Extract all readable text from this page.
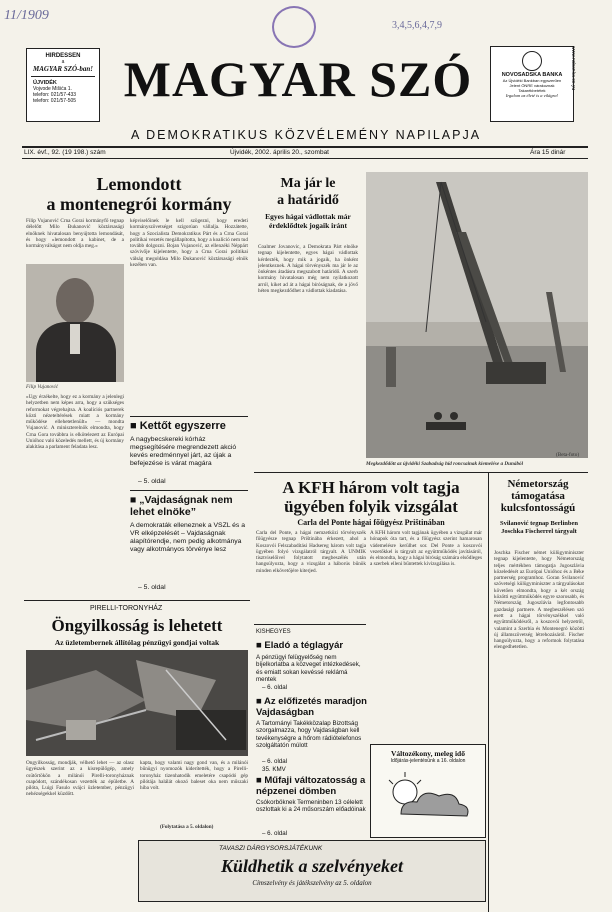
11/1909
3,4,5,6,4,7,9
HIRDESSEN
a
MAGYAR SZÓ-ban!
ÚJVIDÉK
Vojvode Mišića 1.
telefon: 021/57-433
telefon: 021/57-505 MAGYAR SZÓ
A DEMOKRATIKUS KÖZVÉLEMÉNY NAPILAPJA
LIX. évf., 92. (19 198.) szám	Újvidék, 2002. április 20., szombat	Ára 15 dinár
NOVOSADSKA BANKA
Az Újvidéki Bankban egyszerűen
Jelent ÖNRE várakoznak
Takarékbetétek
Irgalom az életé is a világra!
www.nsbanka.co.yu
Lemondott
a montenegrói kormány
Filip Vujanović Crna Gorai kormányfő tegnap délelőtt Milo Đukanović köztársasági elnöknek hivatalosan benyújtotta lemondását, és hogy »lemondott a kabinet, de a kormányválságot nem oldja meg.«
Filip Vujanović
»Úgy érzékelte, hogy ez a kormány a jelenlegi helyzetben nem képes arra, hogy a szükséges reformokat végrehajtsa. A koalíciós partnerek közti nézeteltérések miatt a kormány működése ellehetetlenült« — mondta Vujanović. A miniszterelnök elmondta, hogy Crna Gora továbbra is elkötelezett az Európai Unióhoz való közeledés mellett, és új kormány alakítása a parlament feladata lesz.
képviselőinek le kell szögezni, hogy eredeti kormányszövetséget szigorúan vállalja. Hozzátette, hogy a Szocialista Demokratikus Párt és a Crna Gorai politikai vezetés megállapította, hogy a koalíció nem tud tovább dolgozni. Bojan Vujanović, az ellenzéki Néppárt szóvivője kijelentette, hogy a Crna Gorai politikai válság megoldása Milo Đukanović köztársasági elnök kezében van.
■ Kettőt egyszerre
A nagybecskereki kórház megsegítésére megrendezett akció kevés eredménnyel járt, az újak a befejezése is várat magára
– 5. oldal
■ „Vajdaságnak nem lehet elnöke”
A demokraták elleneznek a VSZL és a VR elképzelését – Vajdaságnak alapítórendje, nem pedig alkotmánya vagy alkotmányos törvénye lesz
– 5. oldal
Ma jár le
a határidő
Egyes hágai vádlottak már érdeklődtek jogaik iránt
Coalmer Jovanovic, a Demokrata Párt elnöke tegnap kijelentette, egyes hágai vádlottak kérdezték, hogy mik a jogaik, ha önként jelentkeznek. A hágai törvényszék ma jár le az önkéntes átadásra megszabott határidő. A szerb kormány hivatalosan még nem nyilatkozott arról, kiket ad át a hágai bíróságnak, de a jövő héten megkezdődhet a vádlottak kiadatása.
Megkezdődött az újvidéki Szabadság híd roncsainak kiemelése a Dunából
(Beta-foto)
A KFH három volt tagja ügyében folyik vizsgálat
Carla del Ponte hágai főügyész Prištinában
Carla del Ponte, a hágai nemzetközi törvényszék főügyésze tegnap Prištinába érkezett, ahol a Koszovói Felszabadítási Hadsereg három volt tagja ügyében folyó vizsgálatról tárgyalt. A UNMIK tisztviselőivel folytatott megbeszélés után hangsúlyozta, hogy a vizsgálat a háborús bűnök minden elkövetőjére kiterjed.
A KFH három volt tagjának ügyében a vizsgálat már hónapok óta tart, és a főügyész szerint hamarosan vádemelésre kerülhet sor. Del Ponte a koszovói vezetőkkel is tárgyalt az együttműködés javításáról, és elmondta, hogy a hágai bíróság számára elsődleges a szerbek elleni bűntettek kivizsgálása is.
Németország támogatása kulcsfontosságú
Svilanović tegnap Berlinben Joschka Fischerrel tárgyalt
Joschka Fischer német külügyminiszter tegnap kijelentette, hogy Németország teljes mértékben támogatja Jugoszlávia közeledését az Európai Unióhoz és a Béke partnerség programhoz. Goran Svilanović szövetségi külügyminiszter a tárgyalásokat követően elmondta, hogy a két ország közötti együttműködés egyre szorosabb, és Németország Jugoszlávia legfontosabb gazdasági partnere. A megbeszélésen szó esett a hágai törvényszékkel való együttműködésről, a koszovói helyzetről, valamint a Szerbia és Montenegró közötti új államszövetség létrehozásáról. Fischer hangsúlyozta, hogy a reformok folytatása elengedhetetlen.
KISHEGYES
■ Eladó a téglagyár
A pénzügyi felügyelőség nem bíjelkorlatba a közveget intézkedések, és emiatt sokan kevéssé reklámá mentek
– 6. oldal
■ Az előfizetés maradjon Vajdaságban
A Tartományi Takékközalap Bizottság szorgalmazza, hogy Vajdaságban kell tevékenységre a hőrom rádiótelefonos szolgáltatón múlott
– 6. oldal
35. KMV
■ Műfaji változatosság a népzenei dömben
Csókorböknek Termeninben 13 célelett oszlottak ki a 24 műsorszám előadóinak
– 6. oldal
Változékony, meleg idő
Időjárás-jelentésünk a 16. oldalon
PIRELLI-TORONYHÁZ
Öngyilkosság is lehetett
Az üzletembernek állítólag pénzügyi gondjai voltak
Öngyilkosság, mondják, vélhető lehet — az olasz ügyészek szerint az a kisrepülőgép, amely csütörtökön a milánói Pirelli-toronyháznak csapódott, szándékosan vezették az épületbe. A pilóta, Luigi Fasulo svájci üzletember, pénzügyi nehézségekkel küzdött.
kapta, hogy valami nagy gond van, és a milánói bűnügyi nyomozók kiderítették, hogy a Pirelli-toronyház tizenhatodik emeletére csapódó gép pilótája halálát okozó baleset oka nem műszaki hiba volt.
(Folytatása a 5. oldalon)
TAVASZI DÁRGYSORSJÁTÉKUNK
Küldhetik a szelvényeket
Címszelvény és játékszelvény az 5. oldalon
